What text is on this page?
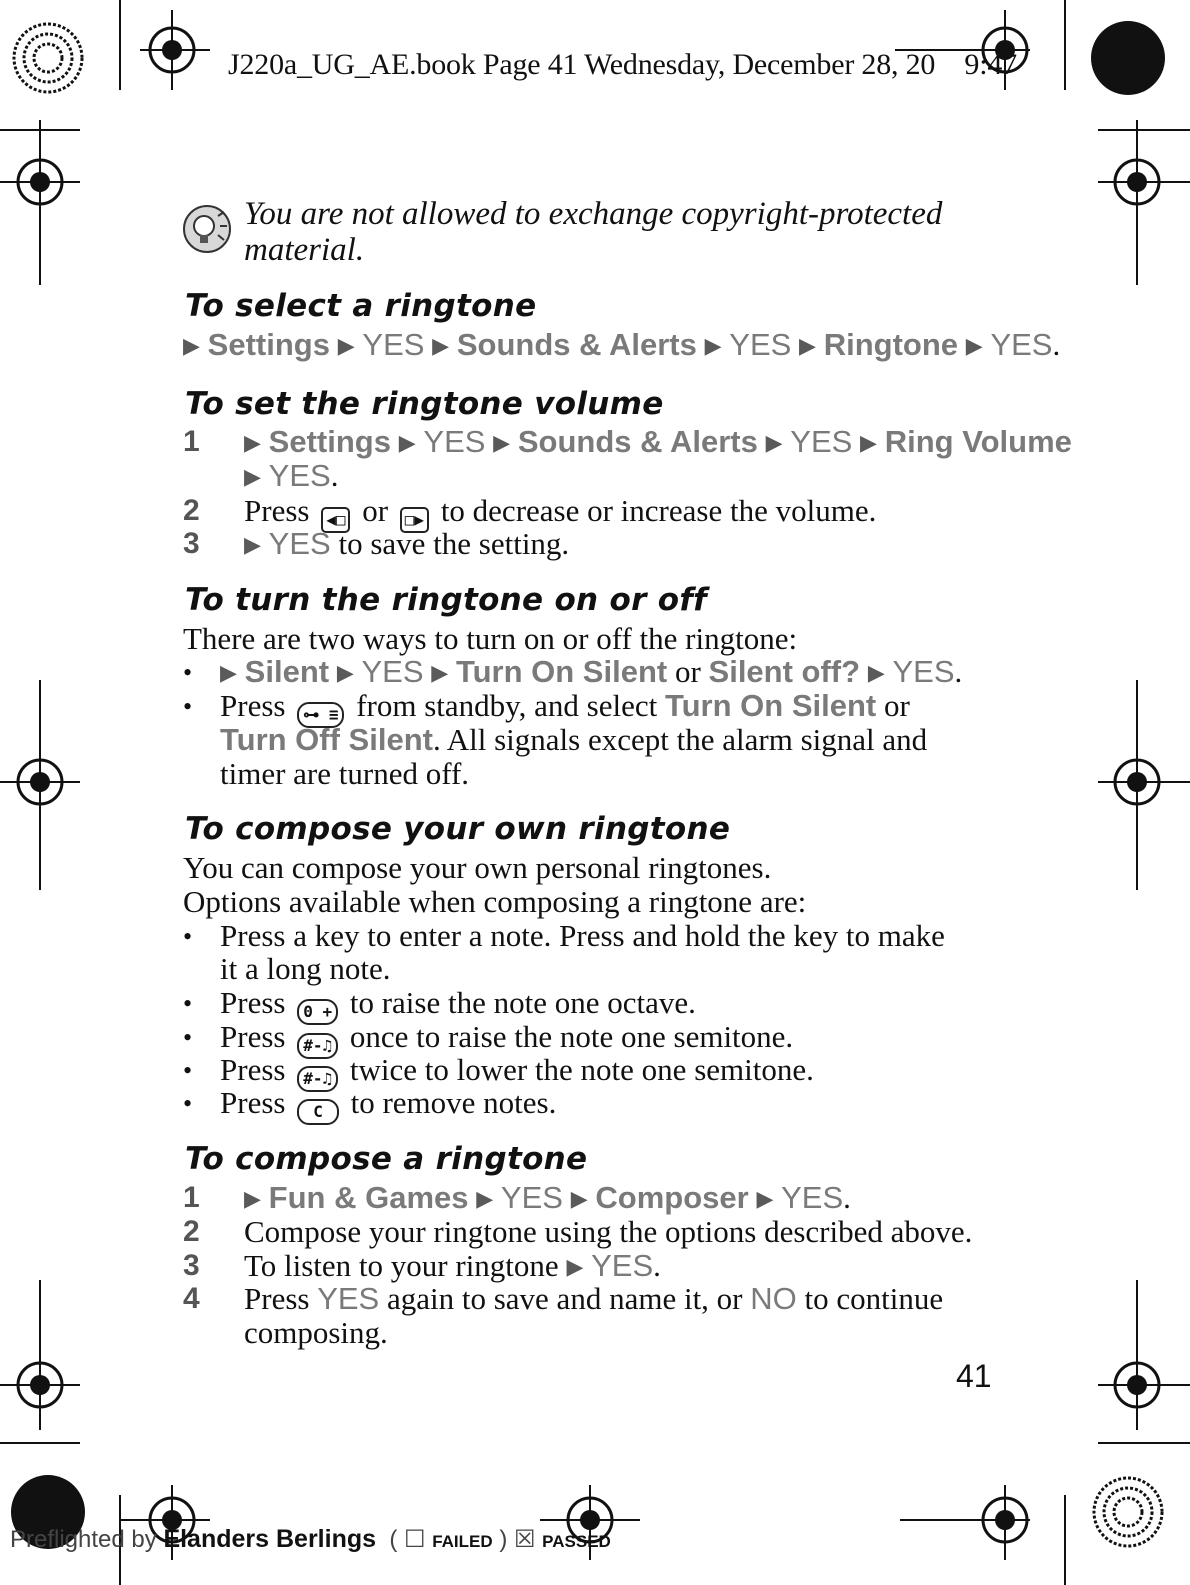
J220a_UG_AE.book Page 41 Wednesday, December 28, 20    9:47
You are not allowed to exchange copyright-protected
material.
To select a ringtone
▶ Settings ▶ YES ▶ Sounds & Alerts ▶ YES ▶ Ringtone ▶ YES.
To set the ringtone volume
1 ▶ Settings ▶ YES ▶ Sounds & Alerts ▶ YES ▶ Ring Volume
▶ YES.
2 Press ◀□ or □▶ to decrease or increase the volume.
3 ▶ YES to save the setting.
To turn the ringtone on or off
There are two ways to turn on or off the ringtone:
• ▶ Silent ▶ YES ▶ Turn On Silent or Silent off? ▶ YES.
• Press ⊶ ≡ from standby, and select Turn On Silent or
Turn Off Silent. All signals except the alarm signal and
timer are turned off.
To compose your own ringtone
You can compose your own personal ringtones.
Options available when composing a ringtone are:
• Press a key to enter a note. Press and hold the key to make
it a long note.
• Press 0 + to raise the note one octave.
• Press #-♫ once to raise the note one semitone.
• Press #-♫ twice to lower the note one semitone.
• Press C to remove notes.
To compose a ringtone
1 ▶ Fun & Games ▶ YES ▶ Composer ▶ YES.
2 Compose your ringtone using the options described above.
3 To listen to your ringtone ▶ YES.
4 Press YES again to save and name it, or NO to continue
composing.
41
Preflighted by Elanders Berlings  ( ☐ FAILED ) ☒ PASSED
